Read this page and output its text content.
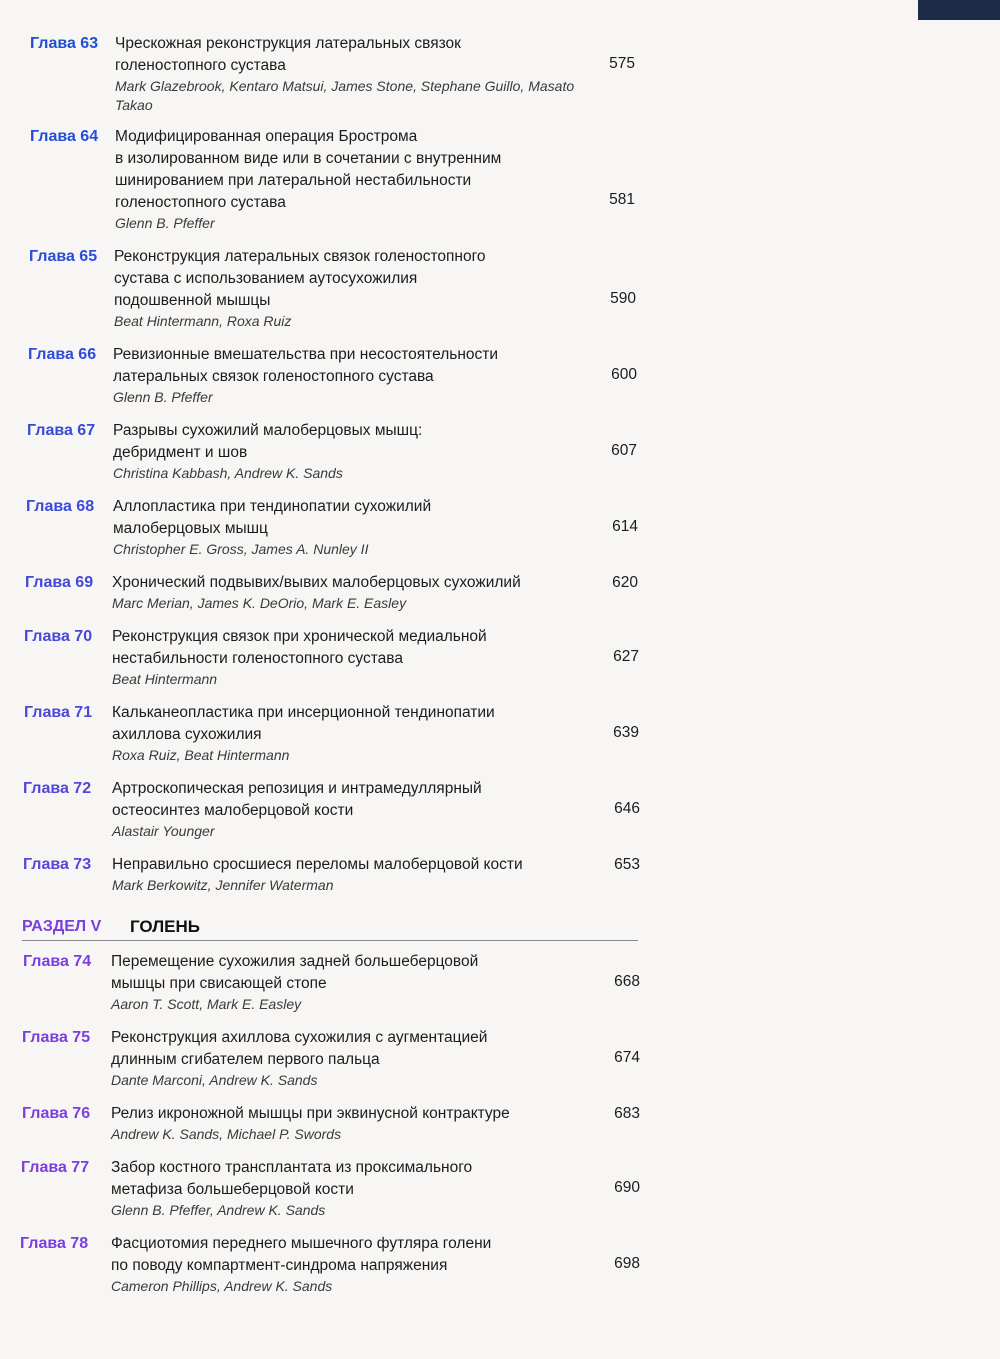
Глава 63 Чрескожная реконструкция латеральных связок
голеностопного сустава
Mark Glazebrook, Kentaro Matsui, James Stone, Stephane Guillo, Masato Takao
575
Глава 64 Модифицированная операция Бростромa
в изолированном виде или в сочетании с внутренним
шинированием при латеральной нестабильности
голеностопного сустава
Glenn B. Pfeffer
581
Глава 65 Реконструкция латеральных связок голеностопного
сустава с использованием аутосухожилия
подошвенной мышцы
Beat Hintermann, Roxa Ruiz
590
Глава 66 Ревизионные вмешательства при несостоятельности
латеральных связок голеностопного сустава
Glenn B. Pfeffer
600
Глава 67 Разрывы сухожилий малоберцовых мышц:
дебридмент и шов
Christina Kabbash, Andrew K. Sands
607
Глава 68 Аллопластика при тендинопатии сухожилий
малоберцовых мышц
Christopher E. Gross, James A. Nunley II
614
Глава 69 Хронический подвывих/вывих малоберцовых сухожилий
Marc Merian, James K. DeOrio, Mark E. Easley
620
Глава 70 Реконструкция связок при хронической медиальной
нестабильности голеностопного сустава
Beat Hintermann
627
Глава 71 Калькaнеопластика при инсерционной тендинопатии
ахиллова сухожилия
Roxa Ruiz, Beat Hintermann
639
Глава 72 Артроскопическая репозиция и интрамедуллярный
остеосинтез малоберцовой кости
Alastair Younger
646
Глава 73 Неправильно сросшиеся переломы малоберцовой кости
Mark Berkowitz, Jennifer Waterman
653
РАЗДЕЛ V ГОЛЕНЬ
Глава 74 Перемещение сухожилия задней большеберцовой
мышцы при свисающей стопе
Aaron T. Scott, Mark E. Easley
668
Глава 75 Реконструкция ахиллова сухожилия с аугментацией
длинным сгибателем первого пальца
Dante Marconi, Andrew K. Sands
674
Глава 76 Релиз икроножной мышцы при эквинусной контрактуре
Andrew K. Sands, Michael P. Swords
683
Глава 77 Забор костного трансплантата из проксимального
метафиза большеберцовой кости
Glenn B. Pfeffer, Andrew K. Sands
690
Глава 78 Фасциотомия переднего мышечного футляра голени
по поводу компартмент-синдрома напряжения
Cameron Phillips, Andrew K. Sands
698
